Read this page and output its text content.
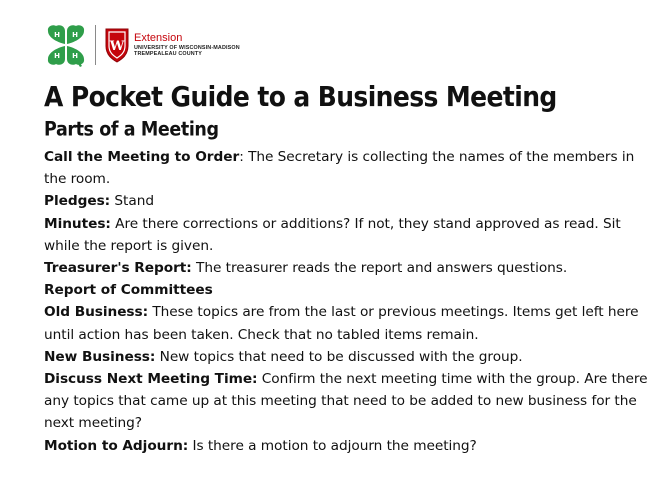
H H
H H
W
Extension
UNIVERSITY OF WISCONSIN-MADISON
TREMPEALEAU COUNTY
A Pocket Guide to a Business Meeting
Parts of a Meeting

Call the Meeting to Order: The Secretary is collecting the names of the members in the room.

Pledges: Stand

Minutes: Are there corrections or additions? If not, they stand approved as read. Sit while the report is given.

Treasurer's Report: The treasurer reads the report and answers questions.

Report of Committees

Old Business: These topics are from the last or previous meetings. Items get left here until action has been taken. Check that no tabled items remain.

New Business: New topics that need to be discussed with the group.

Discuss Next Meeting Time: Confirm the next meeting time with the group. Are there any topics that came up at this meeting that need to be added to new business for the next meeting?

Motion to Adjourn: Is there a motion to adjourn the meeting?
